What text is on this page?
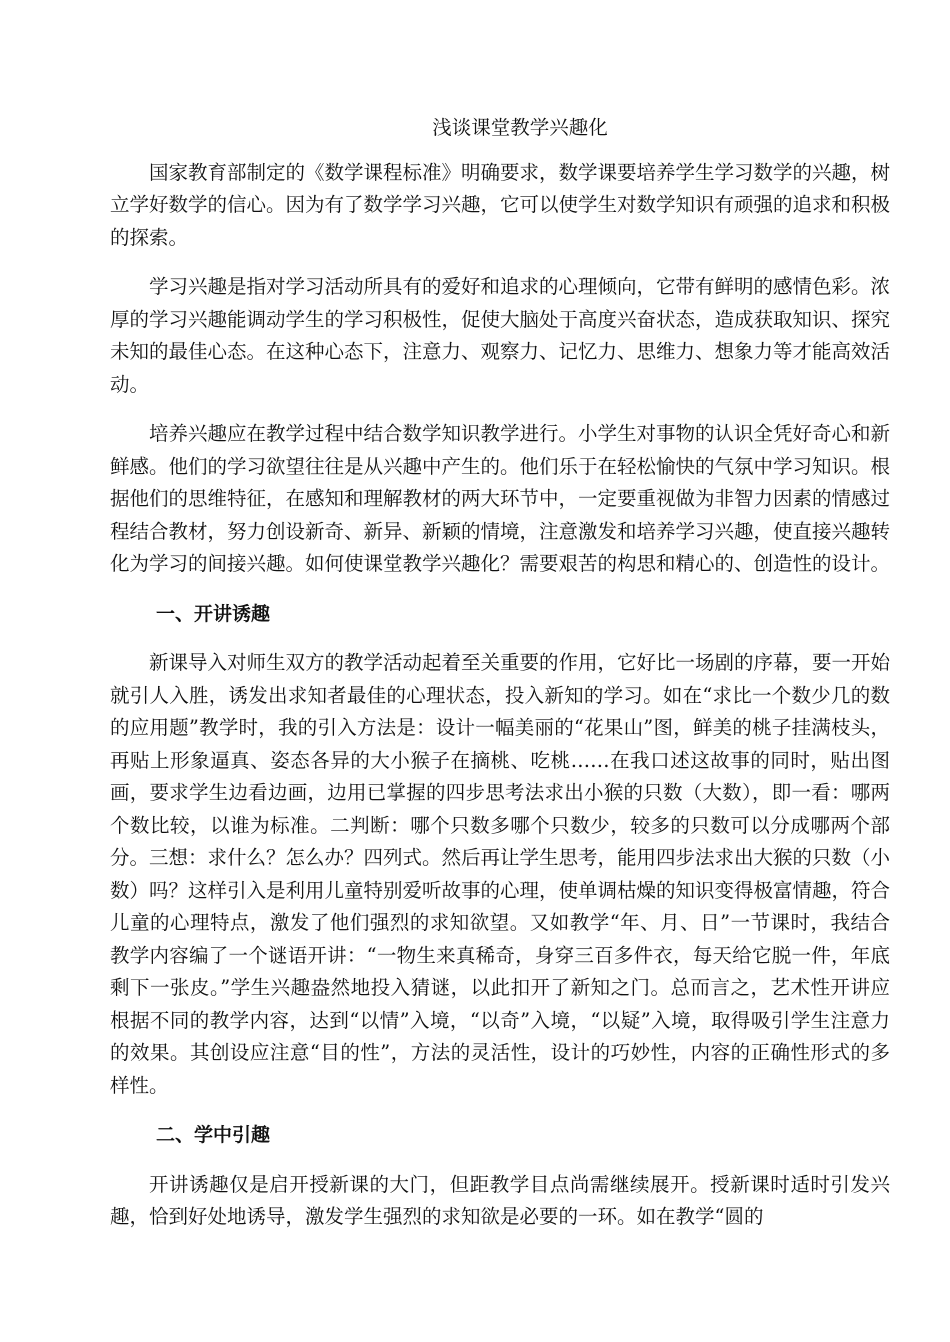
浅谈课堂教学兴趣化

国家教育部制定的《数学课程标准》明确要求，数学课要培养学生学习数学的兴趣，树立学好数学的信心。因为有了数学学习兴趣，它可以使学生对数学知识有顽强的追求和积极的探索。

学习兴趣是指对学习活动所具有的爱好和追求的心理倾向，它带有鲜明的感情色彩。浓厚的学习兴趣能调动学生的学习积极性，促使大脑处于高度兴奋状态，造成获取知识、探究未知的最佳心态。在这种心态下，注意力、观察力、记忆力、思维力、想象力等才能高效活动。

培养兴趣应在教学过程中结合数学知识教学进行。小学生对事物的认识全凭好奇心和新鲜感。他们的学习欲望往往是从兴趣中产生的。他们乐于在轻松愉快的气氛中学习知识。根据他们的思维特征，在感知和理解教材的两大环节中，一定要重视做为非智力因素的情感过程结合教材，努力创设新奇、新异、新颖的情境，注意激发和培养学习兴趣，使直接兴趣转化为学习的间接兴趣。如何使课堂教学兴趣化？需要艰苦的构思和精心的、创造性的设计。

一、开讲诱趣

新课导入对师生双方的教学活动起着至关重要的作用，它好比一场剧的序幕，要一开始就引人入胜，诱发出求知者最佳的心理状态，投入新知的学习。如在“求比一个数少几的数的应用题”教学时，我的引入方法是：设计一幅美丽的“花果山”图，鲜美的桃子挂满枝头，再贴上形象逼真、姿态各异的大小猴子在摘桃、吃桃……在我口述这故事的同时，贴出图画，要求学生边看边画，边用已掌握的四步思考法求出小猴的只数（大数），即一看：哪两个数比较，以谁为标准。二判断：哪个只数多哪个只数少，较多的只数可以分成哪两个部分。三想：求什么？怎么办？四列式。然后再让学生思考，能用四步法求出大猴的只数（小数）吗？这样引入是利用儿童特别爱听故事的心理，使单调枯燥的知识变得极富情趣，符合儿童的心理特点，激发了他们强烈的求知欲望。又如教学“年、月、日”一节课时，我结合教学内容编了一个谜语开讲：“一物生来真稀奇，身穿三百多件衣，每天给它脱一件，年底剩下一张皮。”学生兴趣盎然地投入猜谜，以此扣开了新知之门。总而言之，艺术性开讲应根据不同的教学内容，达到“以情”入境，“以奇”入境，“以疑”入境，取得吸引学生注意力的效果。其创设应注意“目的性”，方法的灵活性，设计的巧妙性，内容的正确性形式的多样性。

二、学中引趣

开讲诱趣仅是启开授新课的大门，但距教学目点尚需继续展开。授新课时适时引发兴趣，恰到好处地诱导，激发学生强烈的求知欲是必要的一环。如在教学“圆的
